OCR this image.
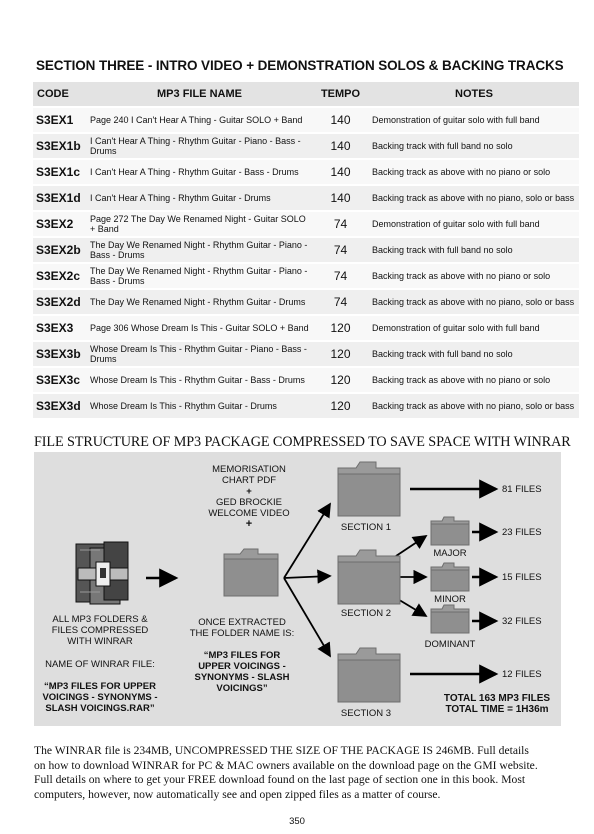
SECTION THREE - INTRO VIDEO + DEMONSTRATION SOLOS & BACKING TRACKS
CODE	MP3 FILE NAME	TEMPO	NOTES
S3EX1	Page 240 I Can't Hear A Thing - Guitar SOLO + Band	140	Demonstration of guitar solo with full band
S3EX1b	I Can't Hear A Thing - Rhythm Guitar - Piano - Bass - Drums	140	Backing track with full band no solo
S3EX1c	I Can't Hear A Thing - Rhythm Guitar - Bass - Drums	140	Backing track as above with no piano or solo
S3EX1d	I Can't Hear A Thing - Rhythm Guitar - Drums	140	Backing track as above with no piano, solo or bass
S3EX2	Page 272 The Day We Renamed Night - Guitar SOLO + Band	74	Demonstration of guitar solo with full band
S3EX2b	The Day We Renamed Night - Rhythm Guitar - Piano - Bass - Drums	74	Backing track with full band no solo
S3EX2c	The Day We Renamed Night - Rhythm Guitar - Piano - Bass - Drums	74	Backing track as above with no piano or solo
S3EX2d	The Day We Renamed Night - Rhythm Guitar - Drums	74	Backing track as above with no piano, solo or bass
S3EX3	Page 306 Whose Dream Is This - Guitar SOLO + Band	120	Demonstration of guitar solo with full band
S3EX3b	Whose Dream Is This - Rhythm Guitar - Piano - Bass - Drums	120	Backing track with full band no solo
S3EX3c	Whose Dream Is This - Rhythm Guitar - Bass - Drums	120	Backing track as above with no piano or solo
S3EX3d	Whose Dream Is This - Rhythm Guitar - Drums	120	Backing track as above with no piano, solo or bass
FILE STRUCTURE OF MP3 PACKAGE COMPRESSED TO SAVE SPACE WITH WINRAR
MEMORISATION
CHART PDF
+
GED BROCKIE
WELCOME VIDEO
+
ALL MP3 FOLDERS &
FILES COMPRESSED
WITH WINRAR
NAME OF WINRAR FILE:
“MP3 FILES FOR UPPER
VOICINGS - SYNONYMS -
SLASH VOICINGS.RAR”
ONCE EXTRACTED
THE FOLDER NAME IS:
“MP3 FILES FOR
UPPER VOICINGS -
SYNONYMS - SLASH
VOICINGS”
SECTION 1
SECTION 2
SECTION 3
MAJOR
MINOR
DOMINANT
81 FILES
23 FILES
15 FILES
32 FILES
12 FILES
TOTAL 163 MP3 FILES
TOTAL TIME = 1H36m
The WINRAR file is 234MB, UNCOMPRESSED THE SIZE OF THE PACKAGE IS 246MB. Full details
on how to download WINRAR for PC & MAC owners available on the download page on the GMI website.
Full details on where to get your FREE download found on the last page of section one in this book. Most
computers, however, now automatically see and open zipped files as a matter of course.
350
